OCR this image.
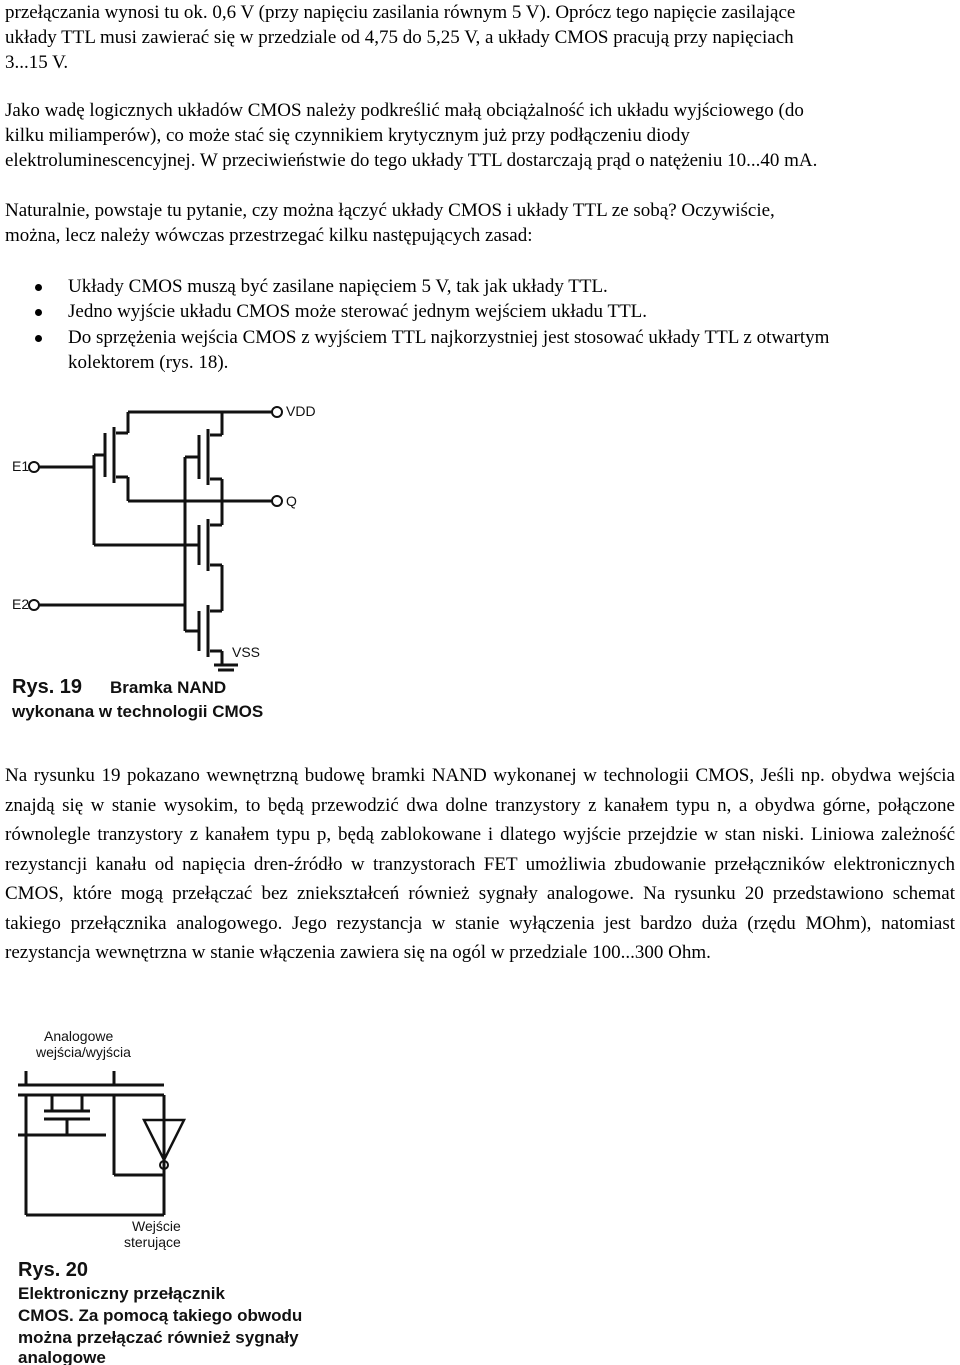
przełączania wynosi tu ok. 0,6 V (przy napięciu zasilania równym 5 V). Oprócz tego napięcie zasilające
układy TTL musi zawierać się w przedziale od 4,75 do 5,25 V, a układy CMOS pracują przy napięciach
3...15 V.
Jako wadę logicznych układów CMOS należy podkreślić małą obciążalność ich układu wyjściowego (do
kilku miliamperów), co może stać się czynnikiem krytycznym już przy podłączeniu diody
elektroluminescencyjnej. W przeciwieństwie do tego układy TTL dostarczają prąd o natężeniu 10...40 mA.
Naturalnie, powstaje tu pytanie, czy można łączyć układy CMOS i układy TTL ze sobą? Oczywiście,
można, lecz należy wówczas przestrzegać kilku następujących zasad:
Układy CMOS muszą być zasilane napięciem 5 V, tak jak układy TTL.
Jedno wyjście układu CMOS może sterować jednym wejściem układu TTL.
Do sprzężenia wejścia CMOS z wyjściem TTL najkorzystniej jest stosować układy TTL z otwartym
kolektorem (rys. 18).
VDD
Q
E1
E2
VSS
Rys. 19 Bramka NAND
wykonana w technologii CMOS

Na rysunku 19 pokazano wewnętrzną budowę bramki NAND wykonanej w technologii CMOS, Jeśli np. obydwa wejścia znajdą się w stanie wysokim, to będą przewodzić dwa dolne tranzystory z kanałem typu n, a obydwa górne, połączone równolegle tranzystory z kanałem typu p, będą zablokowane i dlatego wyjście przejdzie w stan niski. Liniowa zależność rezystancji kanału od napięcia dren-źródło w tranzystorach FET umożliwia zbudowanie przełączników elektronicznych CMOS, które mogą przełączać bez zniekształceń również sygnały analogowe. Na rysunku 20 przedstawiono schemat takiego przełącznika analogowego. Jego rezystancja w stanie wyłączenia jest bardzo duża (rzędu MOhm), natomiast rezystancja wewnętrzna w stanie włączenia zawiera się na ogól w przedziale 100...300 Ohm.

Analogowe
wejścia/wyjścia
Wejście
sterujące
Rys. 20
Elektroniczny przełącznik
CMOS. Za pomocą takiego obwodu
można przełączać również sygnały
analogowe
